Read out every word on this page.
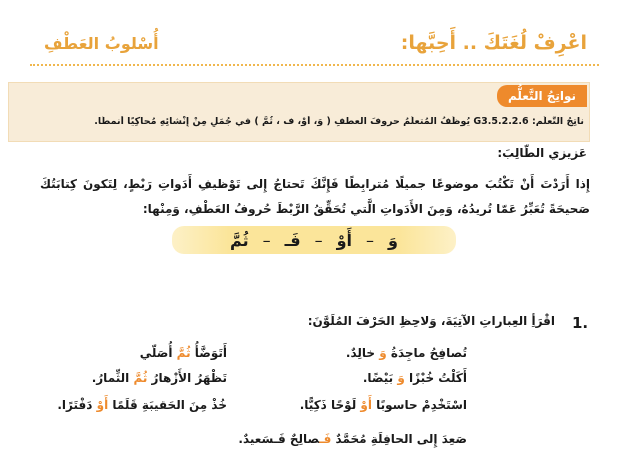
اعْرِفْ لُغَتَكَ .. أَحِبَّها:
أُسْلوبُ العَطْفِ
نواتِجُ التَّعلُّم
ناتِجُ التَّعلُّم: G3.5.2.2.6 يُوظِّفُ المُتعلِّمُ حروفَ العطفِ ( وَ، أوْ، ف ، ثُمَّ ) في جُمَلٍ مِنْ إِنْشائِهِ مُحاكِيًا أَنمطًا.
عَزيزي الطّالِبَ:
إِذا أَرَدْتَ أَنْ تَكْتُبَ موضوعًا جميلًا مُترابِطًا فَإِنَّكَ تَحتاجُ إِلى تَوْظيفِ أَدَواتِ رَبْطٍ، لِتَكونَ كِتابَتُكَ صَحيحَةً تُعَبِّرُ عَمّا تُريدُهُ، وَمِنَ الأَدَواتِ الَّتي تُحَقِّقُ الرَّبْطَ حُروفُ العَطْفِ، وَمِنْها:
وَ
–
أَوْ
–
فَـ
–
ثُمَّ
1.
اقْرَأِ العِباراتِ الآتِيَةَ، وَلاحِظِ الحَرْفَ المُلَوَّنَ:
تُصافِحُ ماجِدَةُ وَ خالِدٌ.
أَتَوَضَّأُ ثُمَّ أُصَلّي
أَكَلْتُ خُبْزًا وَ بَيْضًا.
تَظْهَرُ الأَزْهارُ ثُمَّ الثِّمارُ.
اسْتَخْدِمْ حاسوبًا أَوْ لَوْحًا ذَكِيًّا.
خُذْ مِنَ الحَقيبَةِ قَلَمًا أَوْ دَفْتَرًا.
صَعِدَ إِلى الحافِلَةِ مُحَمَّدٌ فَـصالِحٌ فَـسَعيدٌ.
